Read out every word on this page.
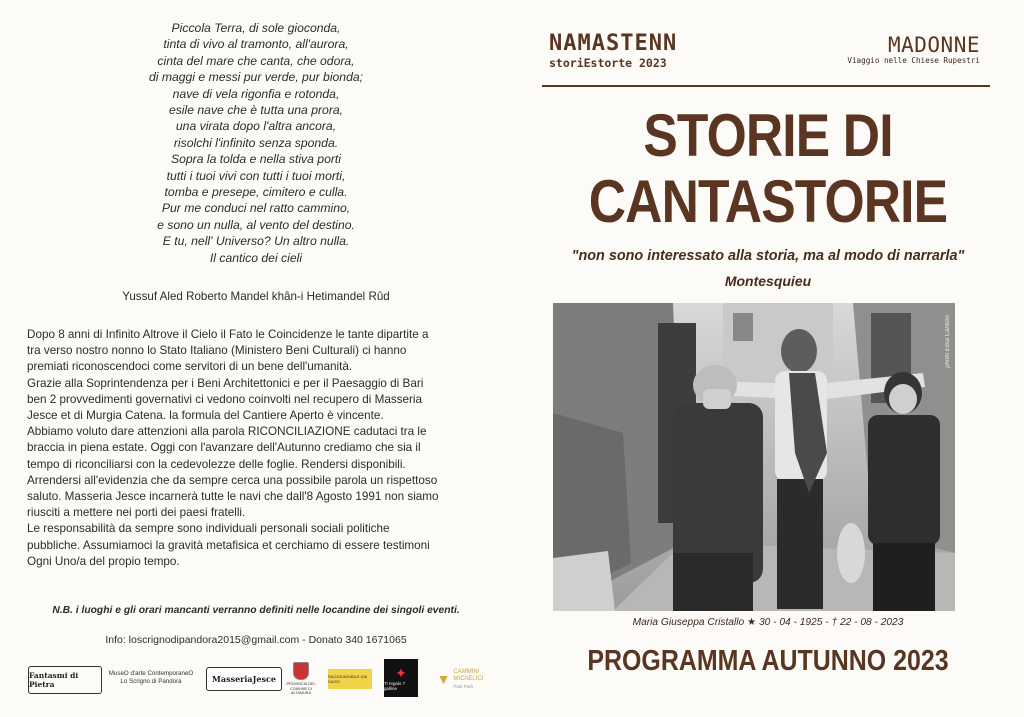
Piccola Terra, di sole gioconda,
tinta di vivo al tramonto, all'aurora,
cinta del mare che canta, che odora,
di maggi e messi pur verde, pur bionda;
nave di vela rigonfia e rotonda,
esile nave che è tutta una prora,
una virata dopo l'altra ancora,
risolchi l'infinito senza sponda.
Sopra la tolda e nella stiva porti
tutti i tuoi vivi con tutti i tuoi morti,
tomba e presepe, cimitero e culla.
Pur me conduci nel ratto cammino,
e sono un nulla, al vento del destino.
E tu, nell' Universo? Un altro nulla.
Il cantico dei cieli
Yussuf Aled Roberto Mandel khân-i Hetimandel Rûd
Dopo 8 anni di Infinito Altrove il Cielo il Fato le Coincidenze le tante dipartite a
tra verso nostro nonno lo Stato Italiano (Ministero Beni Culturali) ci hanno
premiati riconoscendoci come servitori di un bene dell'umanità.
Grazie alla Soprintendenza per i Beni Architettonici e per il Paesaggio di Bari
ben 2 provvedimenti governativi ci vedono coinvolti nel recupero di Masseria
Jesce et di Murgia Catena. la formula del Cantiere Aperto è vincente.
Abbiamo voluto dare attenzioni alla parola RICONCILIAZIONE cadutaci tra le
braccia in piena estate. Oggi con l'avanzare dell'Autunno crediamo che sia il
tempo di riconciliarsi con la cedevolezze delle foglie. Rendersi disponibili.
Arrendersi all'evidenzia che da sempre cerca una possibile parola un rispettoso
saluto. Masseria Jesce incarnerà tutte le navi che dall'8 Agosto 1991 non siamo
riusciti a mettere nei porti dei paesi fratelli.
Le responsabilità da sempre sono individuali personali sociali politiche
pubbliche. Assumiamoci la gravità metafisica et cerchiamo di essere testimoni
Ogni Uno/a del propio tempo.
N.B. i luoghi e gli orari mancanti verranno definiti nelle locandine dei singoli eventi.
Info: loscrignodipandora2015@gmail.com - Donato 340 1671065
Fantasmi di Pietra
MuseO d'arte ContemporaneO
Lo Scrigno di Pandora	MasseriaJesce
PROVINCIA DEL COMUNE DI ALTAMURA
RAGGIUNGIBILE DAI SASSI
✦
Ti regalo 7 galline
▼ CAMMINI
MICAELICI
Park Path
NAMASTENN
storiEstorte 2023
MADONNE
Viaggio nelle Chiese Rupestri
STORIE DI
CANTASTORIE
"non sono interessato alla storia, ma al modo di narrarla"
Montesquieu
photo Elisa Cantoro
Maria Giuseppa Cristallo ★ 30 - 04 - 1925 - † 22 - 08 - 2023
PROGRAMMA AUTUNNO 2023
